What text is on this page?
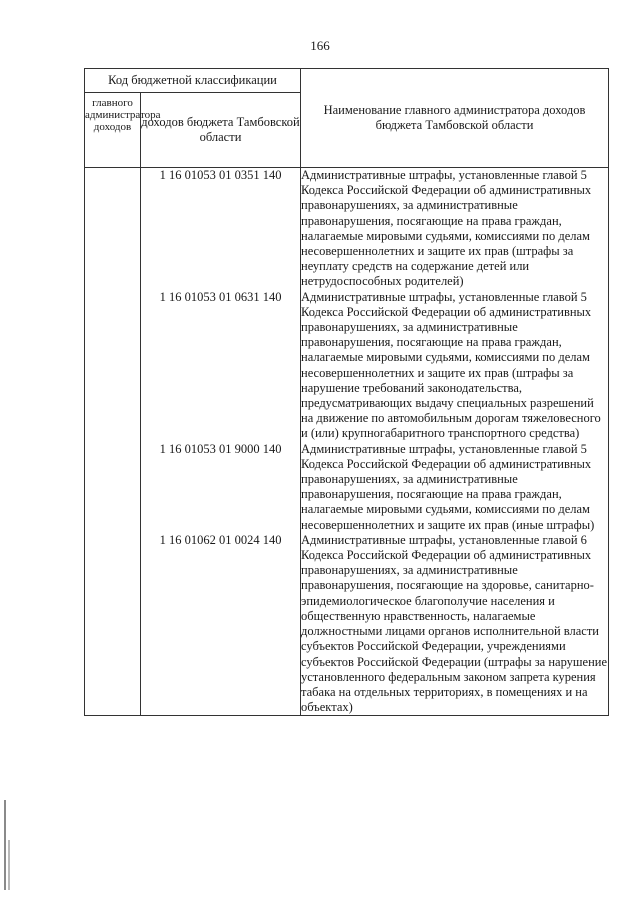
166
Код бюджетной классификации		Наименование главного администратора доходов бюджета Тамбовской области
главного администратора доходов	доходов бюджета Тамбовской области	
	1 16 01053 01 0351 140	Административные штрафы, установленные главой 5 Кодекса Российской Федерации об административных правонарушениях, за административные правонарушения, посягающие на права граждан, налагаемые мировыми судьями, комиссиями по делам несовершеннолетних и защите их прав (штрафы за неуплату средств на содержание детей или нетрудоспособных родителей)
	1 16 01053 01 0631 140	Административные штрафы, установленные главой 5 Кодекса Российской Федерации об административных правонарушениях, за административные правонарушения, посягающие на права граждан, налагаемые мировыми судьями, комиссиями по делам несовершеннолетних и защите их прав (штрафы за нарушение требований законодательства, предусматривающих выдачу специальных разрешений на движение по автомобильным дорогам тяжеловесного и (или) крупногабаритного транспортного средства)
	1 16 01053 01 9000 140	Административные штрафы, установленные главой 5 Кодекса Российской Федерации об административных правонарушениях, за административные правонарушения, посягающие на права граждан, налагаемые мировыми судьями, комиссиями по делам несовершеннолетних и защите их прав (иные штрафы)
	1 16 01062 01 0024 140	Административные штрафы, установленные главой 6 Кодекса Российской Федерации об административных правонарушениях, за административные правонарушения, посягающие на здоровье, санитарно-эпидемиологическое благополучие населения и общественную нравственность, налагаемые должностными лицами органов исполнительной власти субъектов Российской Федерации, учреждениями субъектов Российской Федерации (штрафы за нарушение установленного федеральным законом запрета курения табака на отдельных территориях, в помещениях и на объектах)
